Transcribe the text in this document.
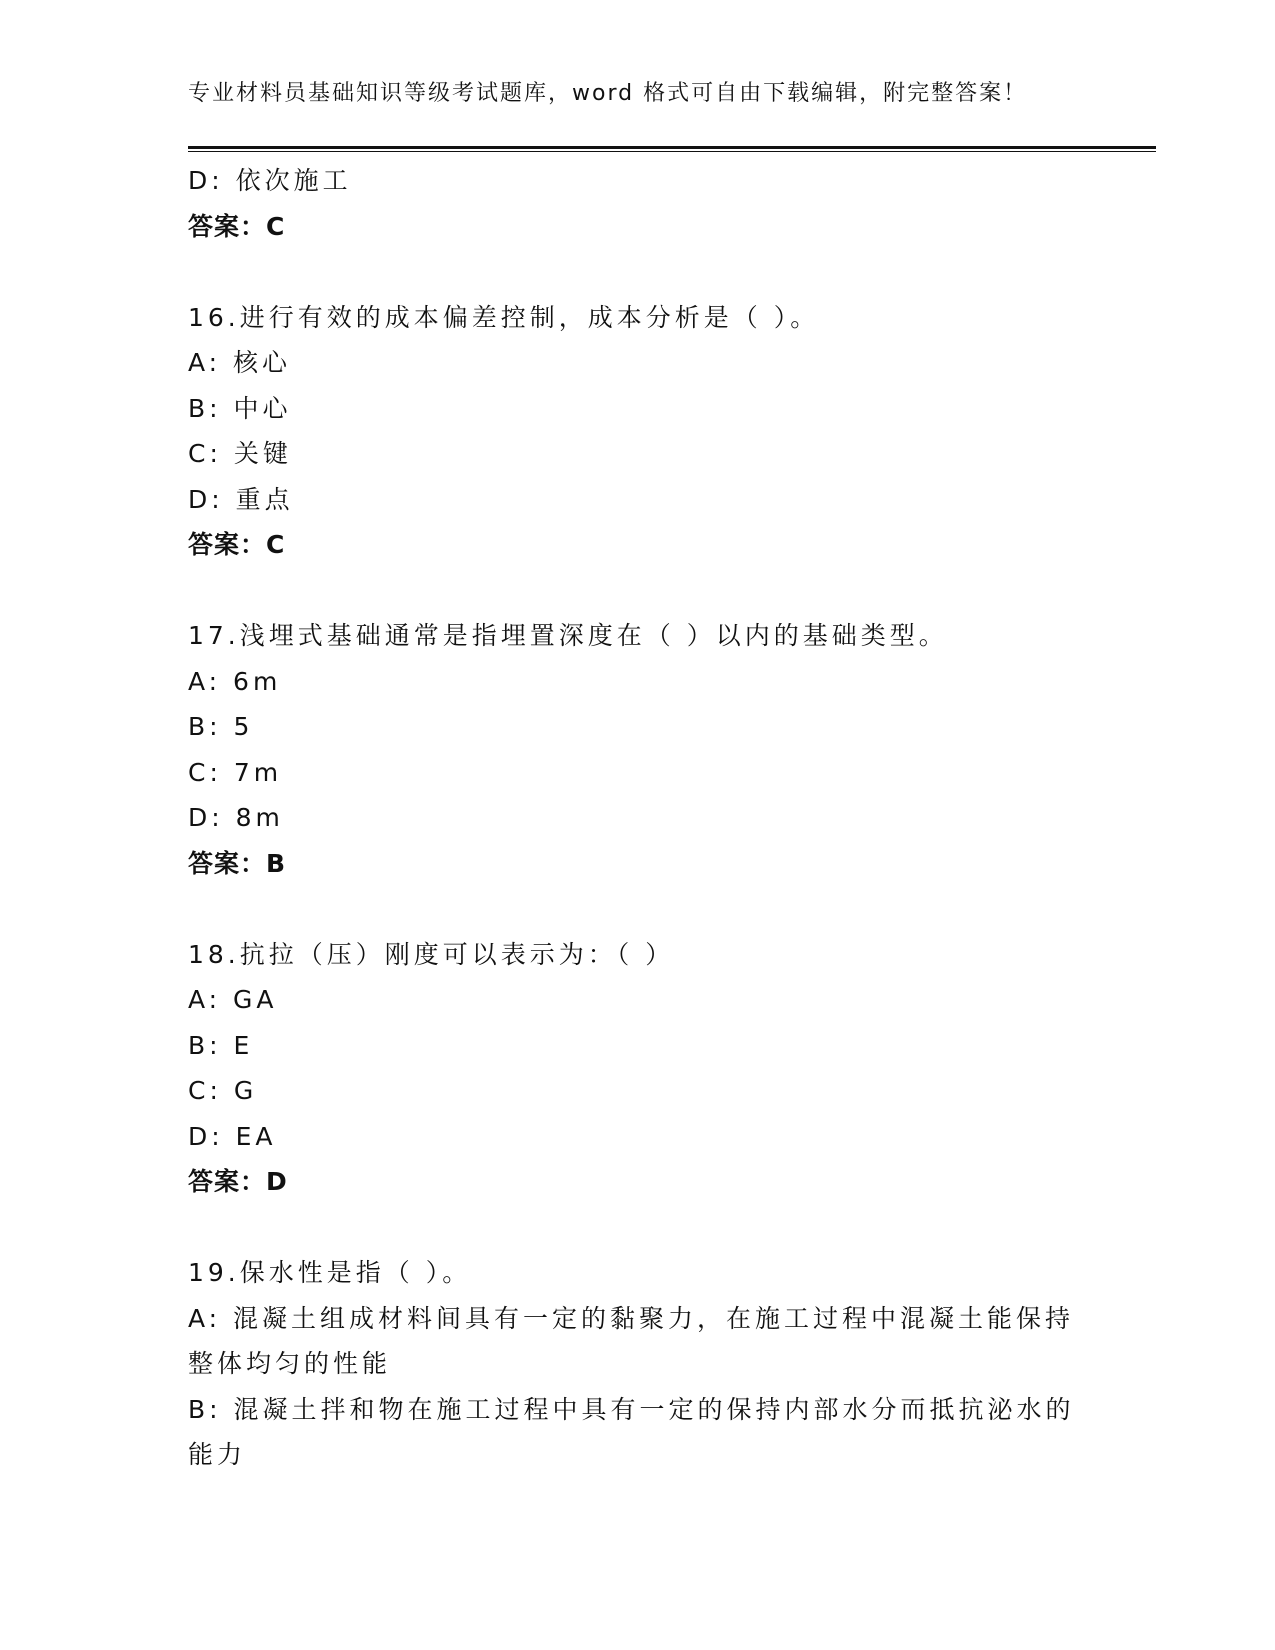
专业材料员基础知识等级考试题库，word 格式可自由下载编辑，附完整答案！
D: 依次施工
答案：C
16.进行有效的成本偏差控制，成本分析是（ ）。
A: 核心
B: 中心
C: 关键
D: 重点
答案：C
17.浅埋式基础通常是指埋置深度在（ ）以内的基础类型。
A: 6m
B: 5
C: 7m
D: 8m
答案：B
18.抗拉（压）刚度可以表示为：（ ）
A: GA
B: E
C: G
D: EA
答案：D
19.保水性是指（ ）。
A: 混凝土组成材料间具有一定的黏聚力，在施工过程中混凝土能保持整体均匀的性能
B: 混凝土拌和物在施工过程中具有一定的保持内部水分而抵抗泌水的能力
